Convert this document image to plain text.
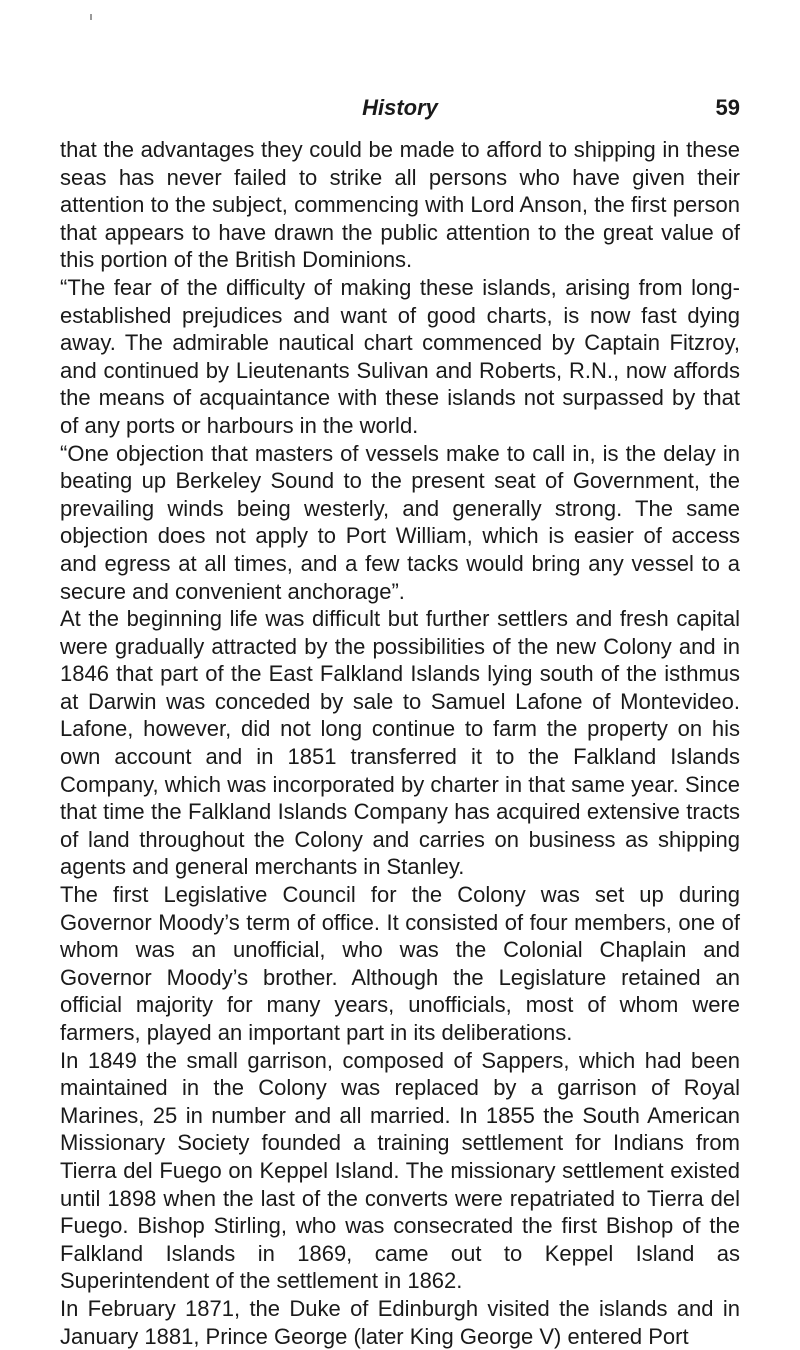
History	59

that the advantages they could be made to afford to shipping in these seas has never failed to strike all persons who have given their attention to the subject, commencing with Lord Anson, the first person that appears to have drawn the public attention to the great value of this portion of the British Dominions.

“The fear of the difficulty of making these islands, arising from long-established prejudices and want of good charts, is now fast dying away. The admirable nautical chart commenced by Captain Fitzroy, and continued by Lieutenants Sulivan and Roberts, R.N., now affords the means of acquaintance with these islands not surpassed by that of any ports or harbours in the world.

“One objection that masters of vessels make to call in, is the delay in beating up Berkeley Sound to the present seat of Government, the prevailing winds being westerly, and generally strong. The same objection does not apply to Port William, which is easier of access and egress at all times, and a few tacks would bring any vessel to a secure and convenient anchorage”.

At the beginning life was difficult but further settlers and fresh capital were gradually attracted by the possibilities of the new Colony and in 1846 that part of the East Falkland Islands lying south of the isthmus at Darwin was conceded by sale to Samuel Lafone of Montevideo. Lafone, however, did not long continue to farm the property on his own account and in 1851 transferred it to the Falkland Islands Company, which was incorporated by charter in that same year. Since that time the Falkland Islands Company has acquired extensive tracts of land throughout the Colony and carries on business as shipping agents and general merchants in Stanley.

The first Legislative Council for the Colony was set up during Governor Moody’s term of office. It consisted of four members, one of whom was an unofficial, who was the Colonial Chaplain and Governor Moody’s brother. Although the Legislature retained an official majority for many years, unofficials, most of whom were farmers, played an important part in its deliberations.

In 1849 the small garrison, composed of Sappers, which had been maintained in the Colony was replaced by a garrison of Royal Marines, 25 in number and all married. In 1855 the South American Missionary Society founded a training settlement for Indians from Tierra del Fuego on Keppel Island. The missionary settlement existed until 1898 when the last of the converts were repatriated to Tierra del Fuego. Bishop Stirling, who was consecrated the first Bishop of the Falkland Islands in 1869, came out to Keppel Island as Superintendent of the settlement in 1862.

In February 1871, the Duke of Edinburgh visited the islands and in January 1881, Prince George (later King George V) entered Port
